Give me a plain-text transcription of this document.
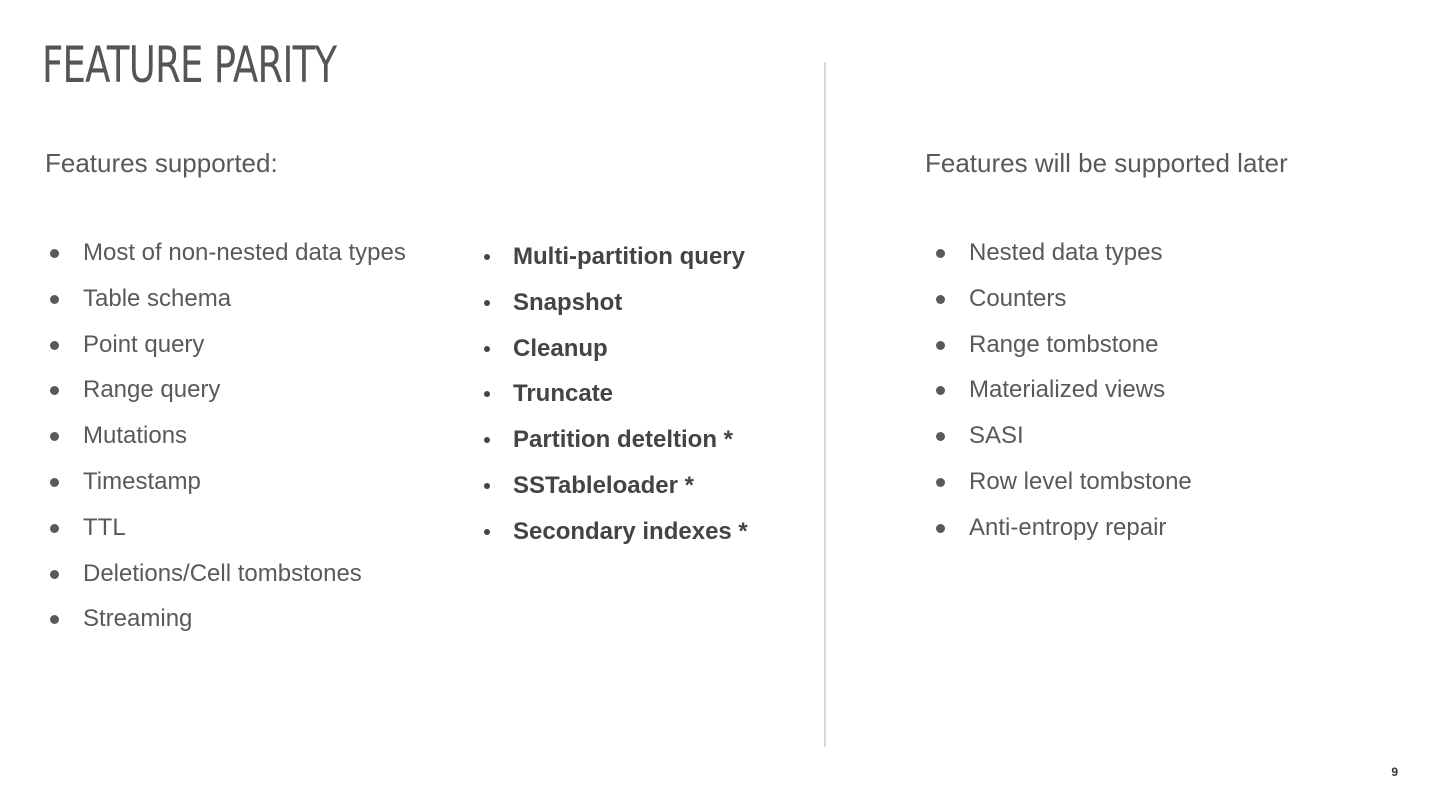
FEATURE PARITY
Features supported:
Most of non-nested data types
Table schema
Point query
Range query
Mutations
Timestamp
TTL
Deletions/Cell tombstones
Streaming
Multi-partition query
Snapshot
Cleanup
Truncate
Partition deteltion *
SSTableloader *
Secondary indexes *
Features will be supported later
Nested data types
Counters
Range tombstone
Materialized views
SASI
Row level tombstone
Anti-entropy repair
9
